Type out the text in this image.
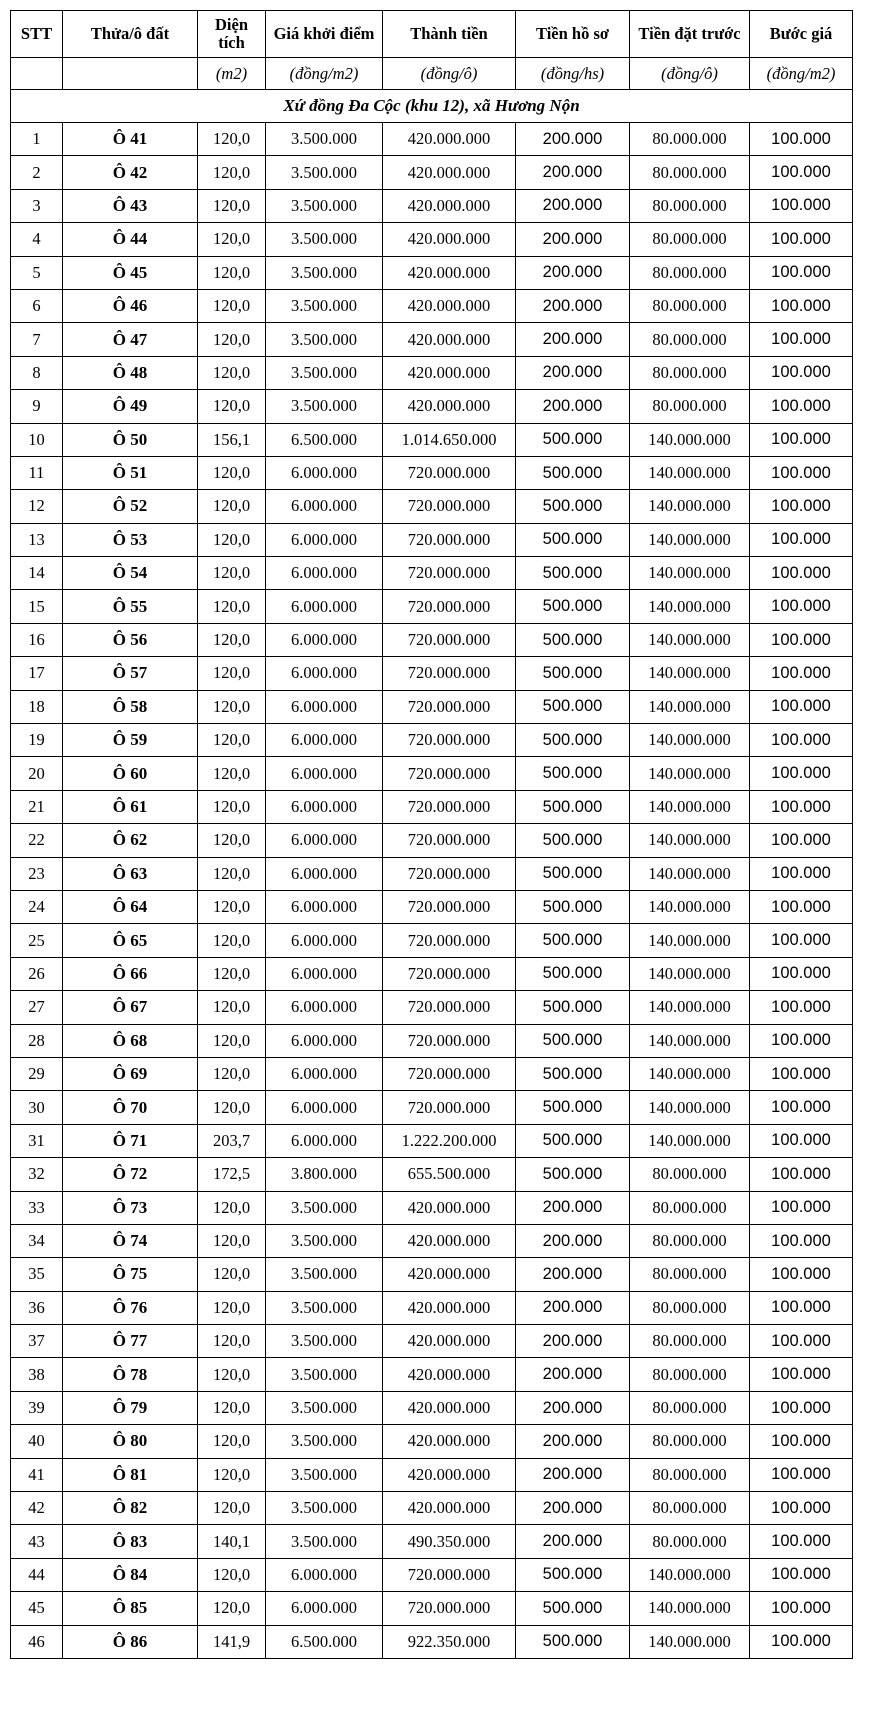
STT	Thửa/ô đất	Diện tích	Giá khởi điểm	Thành tiền	Tiền hồ sơ	Tiền đặt trước	Bước giá
		(m2)	(đồng/m2)	(đồng/ô)	(đồng/hs)	(đồng/ô)	(đồng/m2)
Xứ đồng Đa Cộc (khu 12), xã Hương Nộn							
1	Ô 41	120,0	3.500.000	420.000.000	200.000	80.000.000	100.000
2	Ô 42	120,0	3.500.000	420.000.000	200.000	80.000.000	100.000
3	Ô 43	120,0	3.500.000	420.000.000	200.000	80.000.000	100.000
4	Ô 44	120,0	3.500.000	420.000.000	200.000	80.000.000	100.000
5	Ô 45	120,0	3.500.000	420.000.000	200.000	80.000.000	100.000
6	Ô 46	120,0	3.500.000	420.000.000	200.000	80.000.000	100.000
7	Ô 47	120,0	3.500.000	420.000.000	200.000	80.000.000	100.000
8	Ô 48	120,0	3.500.000	420.000.000	200.000	80.000.000	100.000
9	Ô 49	120,0	3.500.000	420.000.000	200.000	80.000.000	100.000
10	Ô 50	156,1	6.500.000	1.014.650.000	500.000	140.000.000	100.000
11	Ô 51	120,0	6.000.000	720.000.000	500.000	140.000.000	100.000
12	Ô 52	120,0	6.000.000	720.000.000	500.000	140.000.000	100.000
13	Ô 53	120,0	6.000.000	720.000.000	500.000	140.000.000	100.000
14	Ô 54	120,0	6.000.000	720.000.000	500.000	140.000.000	100.000
15	Ô 55	120,0	6.000.000	720.000.000	500.000	140.000.000	100.000
16	Ô 56	120,0	6.000.000	720.000.000	500.000	140.000.000	100.000
17	Ô 57	120,0	6.000.000	720.000.000	500.000	140.000.000	100.000
18	Ô 58	120,0	6.000.000	720.000.000	500.000	140.000.000	100.000
19	Ô 59	120,0	6.000.000	720.000.000	500.000	140.000.000	100.000
20	Ô 60	120,0	6.000.000	720.000.000	500.000	140.000.000	100.000
21	Ô 61	120,0	6.000.000	720.000.000	500.000	140.000.000	100.000
22	Ô 62	120,0	6.000.000	720.000.000	500.000	140.000.000	100.000
23	Ô 63	120,0	6.000.000	720.000.000	500.000	140.000.000	100.000
24	Ô 64	120,0	6.000.000	720.000.000	500.000	140.000.000	100.000
25	Ô 65	120,0	6.000.000	720.000.000	500.000	140.000.000	100.000
26	Ô 66	120,0	6.000.000	720.000.000	500.000	140.000.000	100.000
27	Ô 67	120,0	6.000.000	720.000.000	500.000	140.000.000	100.000
28	Ô 68	120,0	6.000.000	720.000.000	500.000	140.000.000	100.000
29	Ô 69	120,0	6.000.000	720.000.000	500.000	140.000.000	100.000
30	Ô 70	120,0	6.000.000	720.000.000	500.000	140.000.000	100.000
31	Ô 71	203,7	6.000.000	1.222.200.000	500.000	140.000.000	100.000
32	Ô 72	172,5	3.800.000	655.500.000	500.000	80.000.000	100.000
33	Ô 73	120,0	3.500.000	420.000.000	200.000	80.000.000	100.000
34	Ô 74	120,0	3.500.000	420.000.000	200.000	80.000.000	100.000
35	Ô 75	120,0	3.500.000	420.000.000	200.000	80.000.000	100.000
36	Ô 76	120,0	3.500.000	420.000.000	200.000	80.000.000	100.000
37	Ô 77	120,0	3.500.000	420.000.000	200.000	80.000.000	100.000
38	Ô 78	120,0	3.500.000	420.000.000	200.000	80.000.000	100.000
39	Ô 79	120,0	3.500.000	420.000.000	200.000	80.000.000	100.000
40	Ô 80	120,0	3.500.000	420.000.000	200.000	80.000.000	100.000
41	Ô 81	120,0	3.500.000	420.000.000	200.000	80.000.000	100.000
42	Ô 82	120,0	3.500.000	420.000.000	200.000	80.000.000	100.000
43	Ô 83	140,1	3.500.000	490.350.000	200.000	80.000.000	100.000
44	Ô 84	120,0	6.000.000	720.000.000	500.000	140.000.000	100.000
45	Ô 85	120,0	6.000.000	720.000.000	500.000	140.000.000	100.000
46	Ô 86	141,9	6.500.000	922.350.000	500.000	140.000.000	100.000
